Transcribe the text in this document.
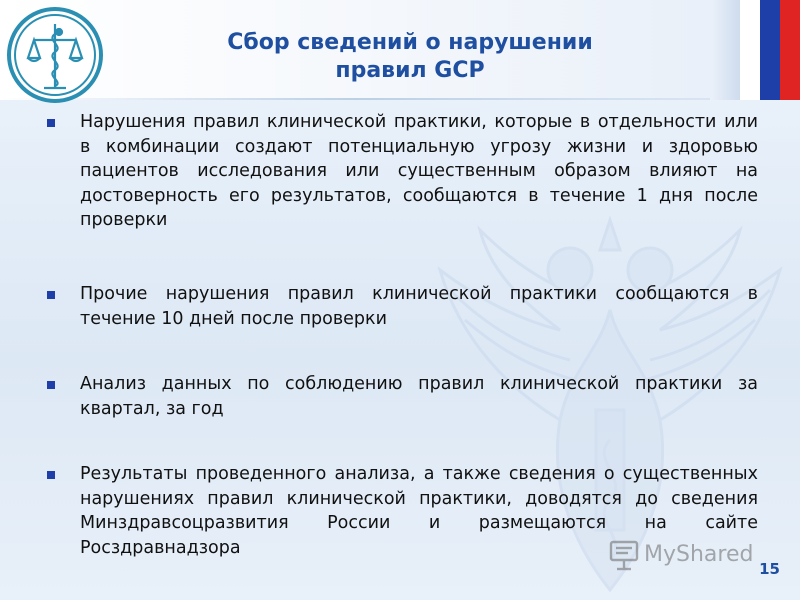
Сбор сведений о нарушении
правил GCP
Нарушения правил клинической практики, которые в отдельности или в комбинации создают потенциальную угрозу жизни и здоровью пациентов исследования или существенным образом влияют на достоверность его результатов, сообщаются в течение 1 дня после проверки
Прочие нарушения правил клинической практики сообщаются в течение 10 дней после проверки
Анализ данных по соблюдению правил клинической практики за квартал, за год
Результаты проведенного анализа, а также сведения о существенных нарушениях правил клинической практики, доводятся до сведения Минздравсоцразвития России и размещаются на сайте Росздравнадзора	MyShared
15
